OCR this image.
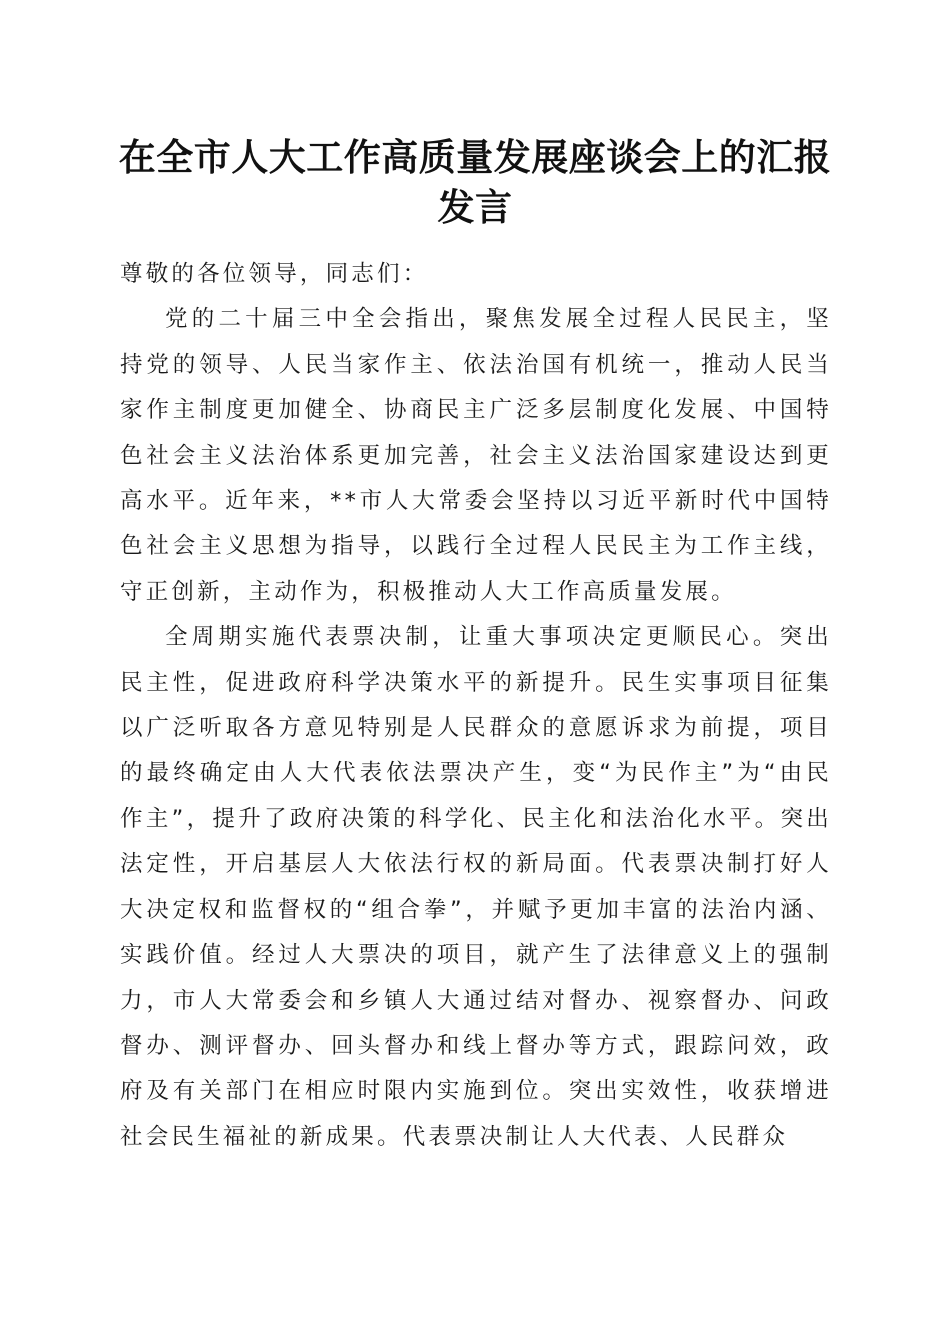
在全市人大工作高质量发展座谈会上的汇报发言

尊敬的各位领导，同志们：

党的二十届三中全会指出，聚焦发展全过程人民民主，坚持党的领导、人民当家作主、依法治国有机统一，推动人民当家作主制度更加健全、协商民主广泛多层制度化发展、中国特色社会主义法治体系更加完善，社会主义法治国家建设达到更高水平。近年来，**市人大常委会坚持以习近平新时代中国特色社会主义思想为指导，以践行全过程人民民主为工作主线，守正创新，主动作为，积极推动人大工作高质量发展。

全周期实施代表票决制，让重大事项决定更顺民心。突出民主性，促进政府科学决策水平的新提升。民生实事项目征集以广泛听取各方意见特别是人民群众的意愿诉求为前提，项目的最终确定由人大代表依法票决产生，变“为民作主”为“由民作主”，提升了政府决策的科学化、民主化和法治化水平。突出法定性，开启基层人大依法行权的新局面。代表票决制打好人大决定权和监督权的“组合拳”，并赋予更加丰富的法治内涵、实践价值。经过人大票决的项目，就产生了法律意义上的强制力，市人大常委会和乡镇人大通过结对督办、视察督办、问政督办、测评督办、回头督办和线上督办等方式，跟踪问效，政府及有关部门在相应时限内实施到位。突出实效性，收获增进社会民生福祉的新成果。代表票决制让人大代表、人民群众
